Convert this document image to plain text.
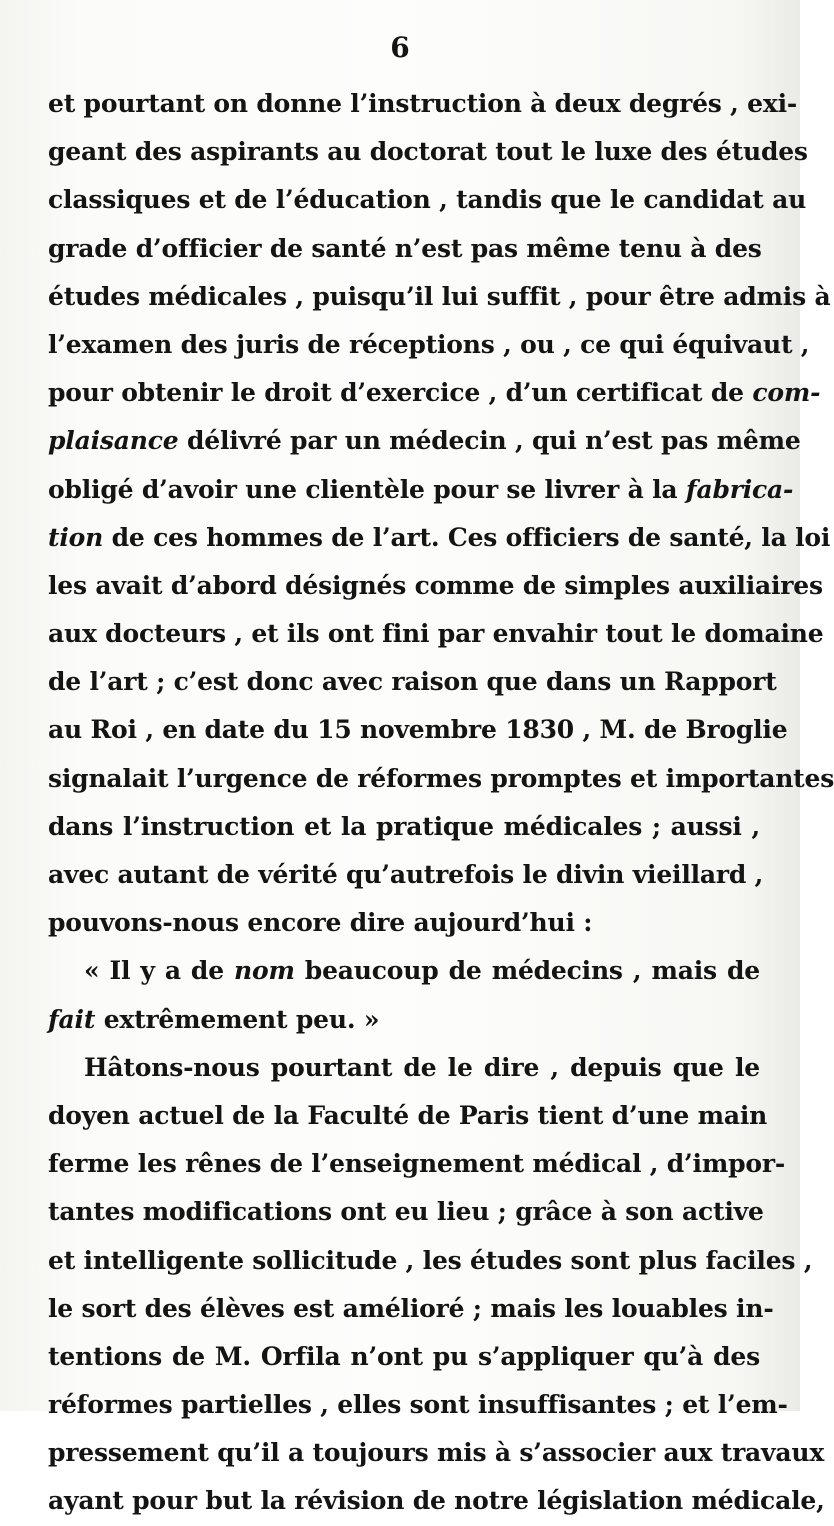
6
et pourtant on donne l’instruction à deux degrés , exi-
geant des aspirants au doctorat tout le luxe des études
classiques et de l’éducation , tandis que le candidat au
grade d’officier de santé n’est pas même tenu à des
études médicales , puisqu’il lui suffit , pour être admis à
l’examen des juris de réceptions , ou , ce qui équivaut ,
pour obtenir le droit d’exercice , d’un certificat de com-
plaisance délivré par un médecin , qui n’est pas même
obligé d’avoir une clientèle pour se livrer à la fabrica-
tion de ces hommes de l’art. Ces officiers de santé, la loi
les avait d’abord désignés comme de simples auxiliaires
aux docteurs , et ils ont fini par envahir tout le domaine
de l’art ; c’est donc avec raison que dans un Rapport
au Roi , en date du 15 novembre 1830 , M. de Broglie
signalait l’urgence de réformes promptes et importantes
dans l’instruction et la pratique médicales ; aussi ,
avec autant de vérité qu’autrefois le divin vieillard ,
pouvons-nous encore dire aujourd’hui :
« Il y a de nom beaucoup de médecins , mais de
fait extrêmement peu. »
Hâtons-nous pourtant de le dire , depuis que le
doyen actuel de la Faculté de Paris tient d’une main
ferme les rênes de l’enseignement médical , d’impor-
tantes modifications ont eu lieu ; grâce à son active
et intelligente sollicitude , les études sont plus faciles ,
le sort des élèves est amélioré ; mais les louables in-
tentions de M. Orfila n’ont pu s’appliquer qu’à des
réformes partielles , elles sont insuffisantes ; et l’em-
pressement qu’il a toujours mis à s’associer aux travaux
ayant pour but la révision de notre législation médicale,
